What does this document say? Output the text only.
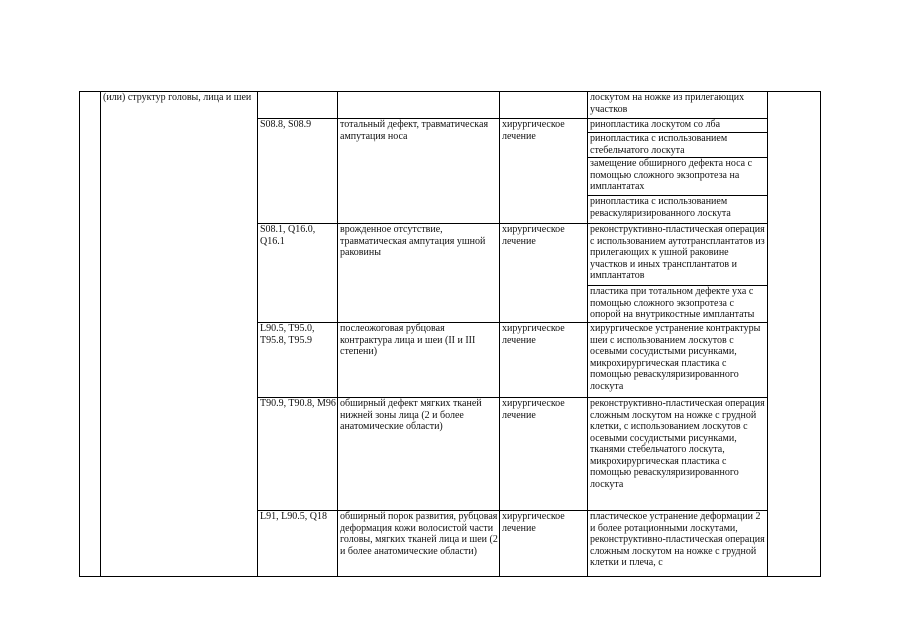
	(или) структур головы, лица и шеи				лоскутом на ножке из прилегающих участков	
		S08.8, S08.9	тотальный дефект, травматическая ампутация носа	хирургическое лечение	ринопластика лоскутом со лба	
					ринопластика с использованием стебельчатого лоскута	
					замещение обширного дефекта носа с помощью сложного экзопротеза на имплантатах	
					ринопластика с использованием реваскуляризированного лоскута	
		S08.1, Q16.0, Q16.1	врожденное отсутствие, травматическая ампутация ушной раковины	хирургическое лечение	реконструктивно-пластическая операция с использованием аутотрансплантатов из прилегающих к ушной раковине участков и иных трансплантатов и имплантатов	
					пластика при тотальном дефекте уха с помощью сложного экзопротеза с опорой на внутрикостные имплантаты	
		L90.5, T95.0, T95.8, T95.9	послеожоговая рубцовая контрактура лица и шеи (II и III степени)	хирургическое лечение	хирургическое устранение контрактуры шеи с использованием лоскутов с осевыми сосудистыми рисунками, микрохирургическая пластика с помощью реваскуляризированного лоскута	
		T90.9, T90.8, M96	обширный дефект мягких тканей нижней зоны лица (2 и более анатомические области)	хирургическое лечение	реконструктивно-пластическая операция сложным лоскутом на ножке с грудной клетки, с использованием лоскутов с осевыми сосудистыми рисунками, тканями стебельчатого лоскута, микрохирургическая пластика с помощью реваскуляризированного лоскута	
		L91, L90.5, Q18	обширный порок развития, рубцовая деформация кожи волосистой части головы, мягких тканей лица и шеи (2 и более анатомические области)	хирургическое лечение	пластическое устранение деформации 2 и более ротационными лоскутами, реконструктивно-пластическая операция сложным лоскутом на ножке с грудной клетки и плеча, с	
